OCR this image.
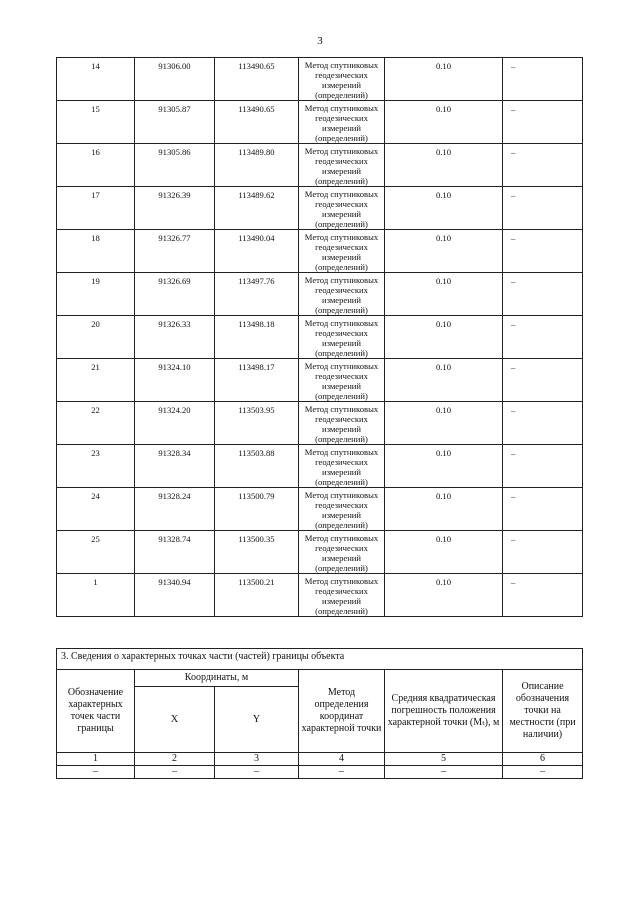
3
14	91306.00	113490.65	Метод спутниковых
геодезических
измерений
(определений)	0.10	–
15	91305.87	113490.65	Метод спутниковых
геодезических
измерений
(определений)	0.10	–
16	91305.86	113489.80	Метод спутниковых
геодезических
измерений
(определений)	0.10	–
17	91326.39	113489.62	Метод спутниковых
геодезических
измерений
(определений)	0.10	–
18	91326.77	113490.04	Метод спутниковых
геодезических
измерений
(определений)	0.10	–
19	91326.69	113497.76	Метод спутниковых
геодезических
измерений
(определений)	0.10	–
20	91326.33	113498.18	Метод спутниковых
геодезических
измерений
(определений)	0.10	–
21	91324.10	113498.17	Метод спутниковых
геодезических
измерений
(определений)	0.10	–
22	91324.20	113503.95	Метод спутниковых
геодезических
измерений
(определений)	0.10	–
23	91328.34	113503.88	Метод спутниковых
геодезических
измерений
(определений)	0.10	–
24	91328.24	113500.79	Метод спутниковых
геодезических
измерений
(определений)	0.10	–
25	91328.74	113500.35	Метод спутниковых
геодезических
измерений
(определений)	0.10	–
1	91340.94	113500.21	Метод спутниковых
геодезических
измерений
(определений)	0.10	–
3. Сведения о характерных точках части (частей) границы объекта					
Обозначение характерных точек части границы	Координаты, м		Метод определения координат характерной точки	Средняя квадратическая погрешность положения характерной точки (Mₜ), м	Описание обозначения точки на местности (при наличии)
	X	Y			
1	2	3	4	5	6
–	–	–	–	–	–
